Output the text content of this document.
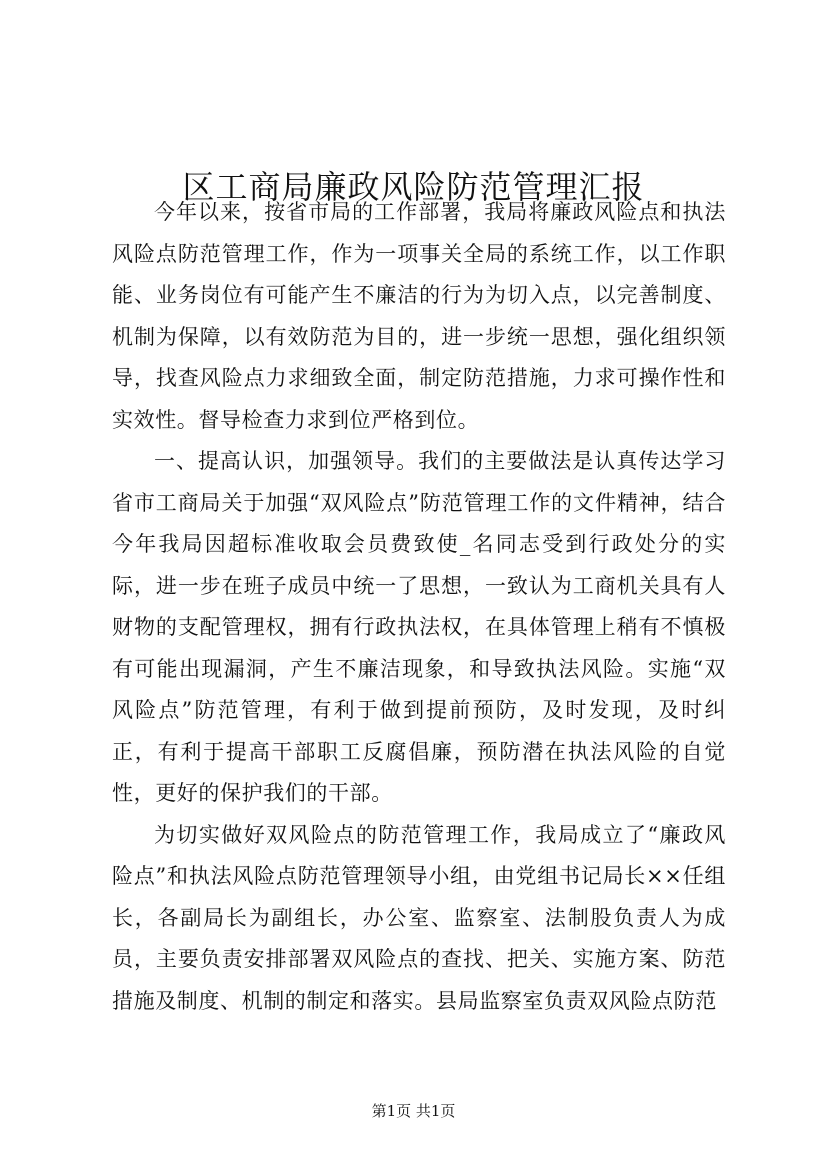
区工商局廉政风险防范管理汇报

今年以来，按省市局的工作部署，我局将廉政风险点和执法风险点防范管理工作，作为一项事关全局的系统工作，以工作职能、业务岗位有可能产生不廉洁的行为为切入点，以完善制度、机制为保障，以有效防范为目的，进一步统一思想，强化组织领导，找查风险点力求细致全面，制定防范措施，力求可操作性和实效性。督导检查力求到位严格到位。

一、提高认识，加强领导。我们的主要做法是认真传达学习省市工商局关于加强“双风险点”防范管理工作的文件精神，结合今年我局因超标准收取会员费致使_名同志受到行政处分的实际，进一步在班子成员中统一了思想，一致认为工商机关具有人财物的支配管理权，拥有行政执法权，在具体管理上稍有不慎极有可能出现漏洞，产生不廉洁现象，和导致执法风险。实施“双风险点”防范管理，有利于做到提前预防，及时发现，及时纠正，有利于提高干部职工反腐倡廉，预防潜在执法风险的自觉性，更好的保护我们的干部。

为切实做好双风险点的防范管理工作，我局成立了“廉政风险点”和执法风险点防范管理领导小组，由党组书记局长××任组长，各副局长为副组长，办公室、监察室、法制股负责人为成员，主要负责安排部署双风险点的查找、把关、实施方案、防范措施及制度、机制的制定和落实。县局监察室负责双风险点防范

第1页 共1页
